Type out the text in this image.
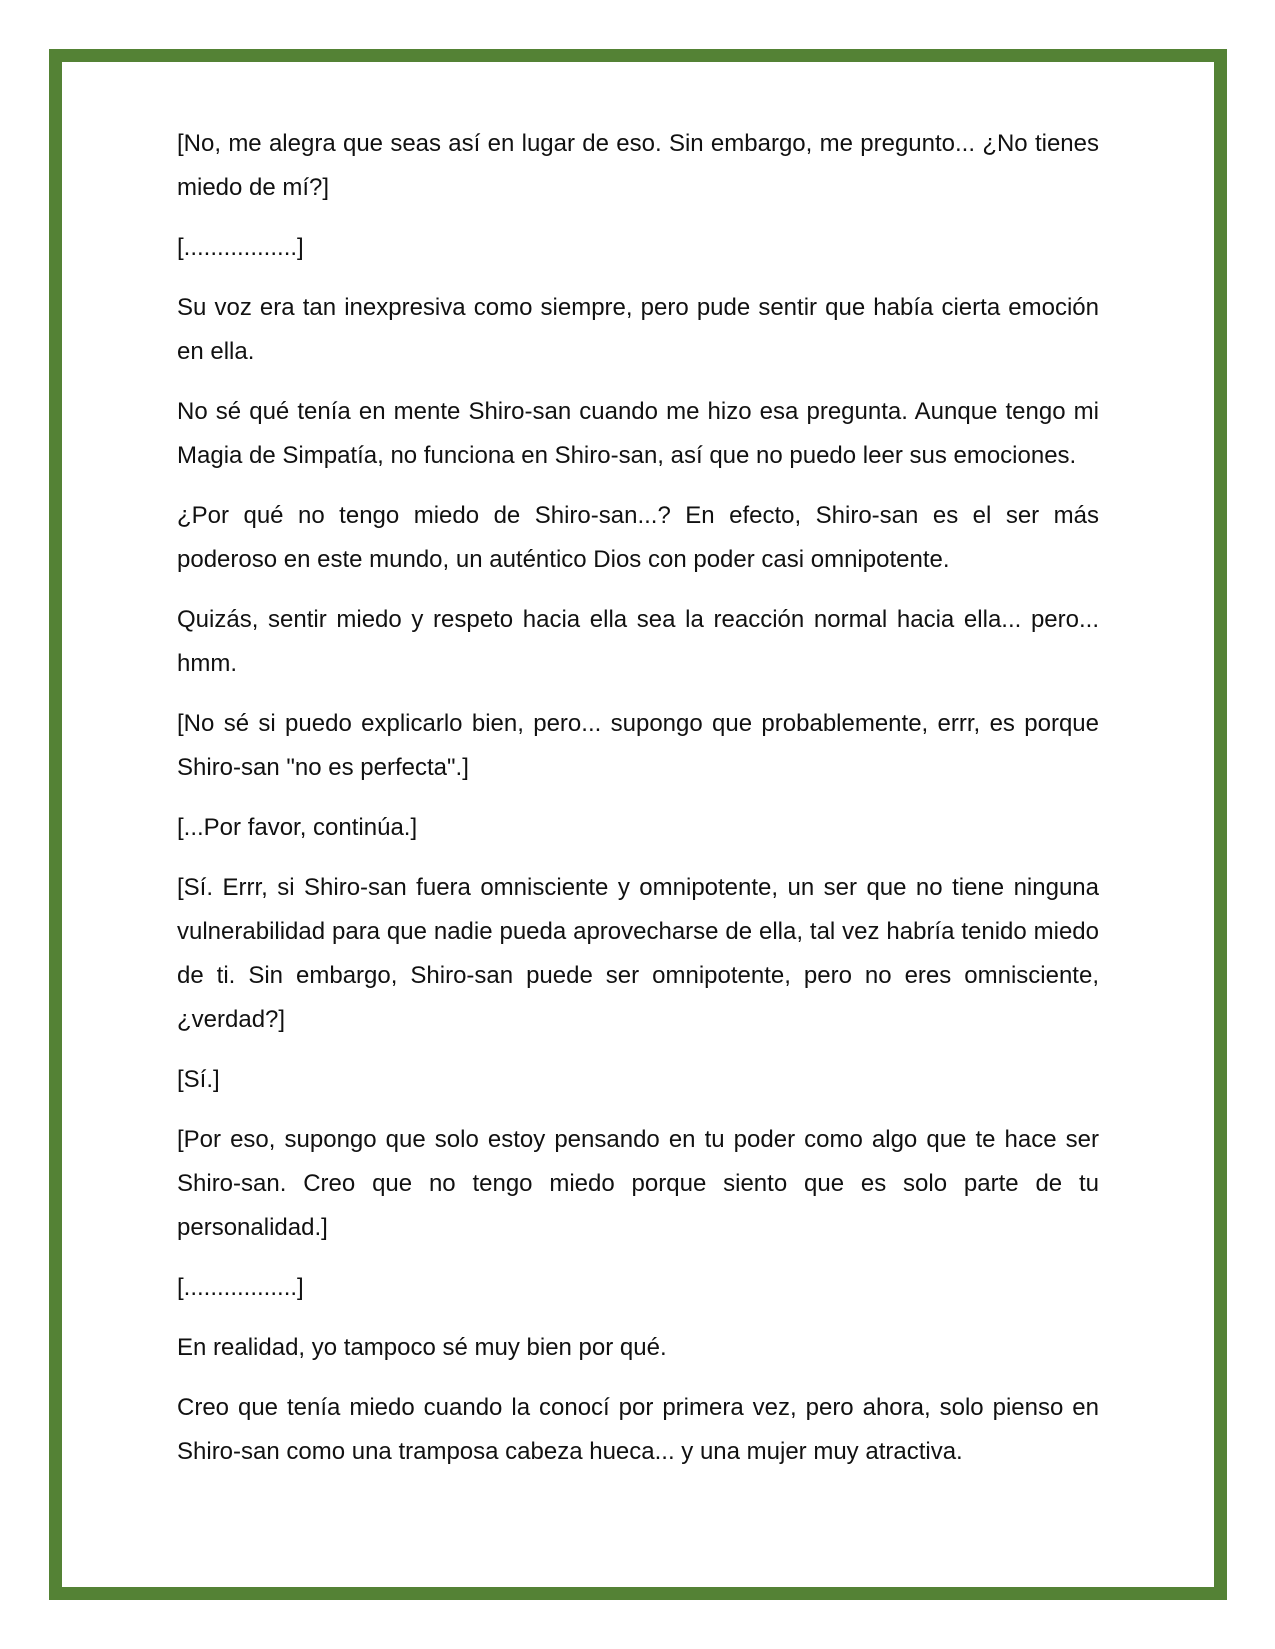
[No, me alegra que seas así en lugar de eso. Sin embargo, me pregunto... ¿No tienes miedo de mí?]

[.................]

Su voz era tan inexpresiva como siempre, pero pude sentir que había cierta emoción en ella.

No sé qué tenía en mente Shiro-san cuando me hizo esa pregunta. Aunque tengo mi Magia de Simpatía, no funciona en Shiro-san, así que no puedo leer sus emociones.

¿Por qué no tengo miedo de Shiro-san...? En efecto, Shiro-san es el ser más poderoso en este mundo, un auténtico Dios con poder casi omnipotente.

Quizás, sentir miedo y respeto hacia ella sea la reacción normal hacia ella... pero... hmm.

[No sé si puedo explicarlo bien, pero... supongo que probablemente, errr, es porque Shiro-san "no es perfecta".]

[...Por favor, continúa.]

[Sí. Errr, si Shiro-san fuera omnisciente y omnipotente, un ser que no tiene ninguna vulnerabilidad para que nadie pueda aprovecharse de ella, tal vez habría tenido miedo de ti. Sin embargo, Shiro-san puede ser omnipotente, pero no eres omnisciente, ¿verdad?]

[Sí.]

[Por eso, supongo que solo estoy pensando en tu poder como algo que te hace ser Shiro-san. Creo que no tengo miedo porque siento que es solo parte de tu personalidad.]

[.................]

En realidad, yo tampoco sé muy bien por qué.

Creo que tenía miedo cuando la conocí por primera vez, pero ahora, solo pienso en Shiro-san como una tramposa cabeza hueca... y una mujer muy atractiva.
